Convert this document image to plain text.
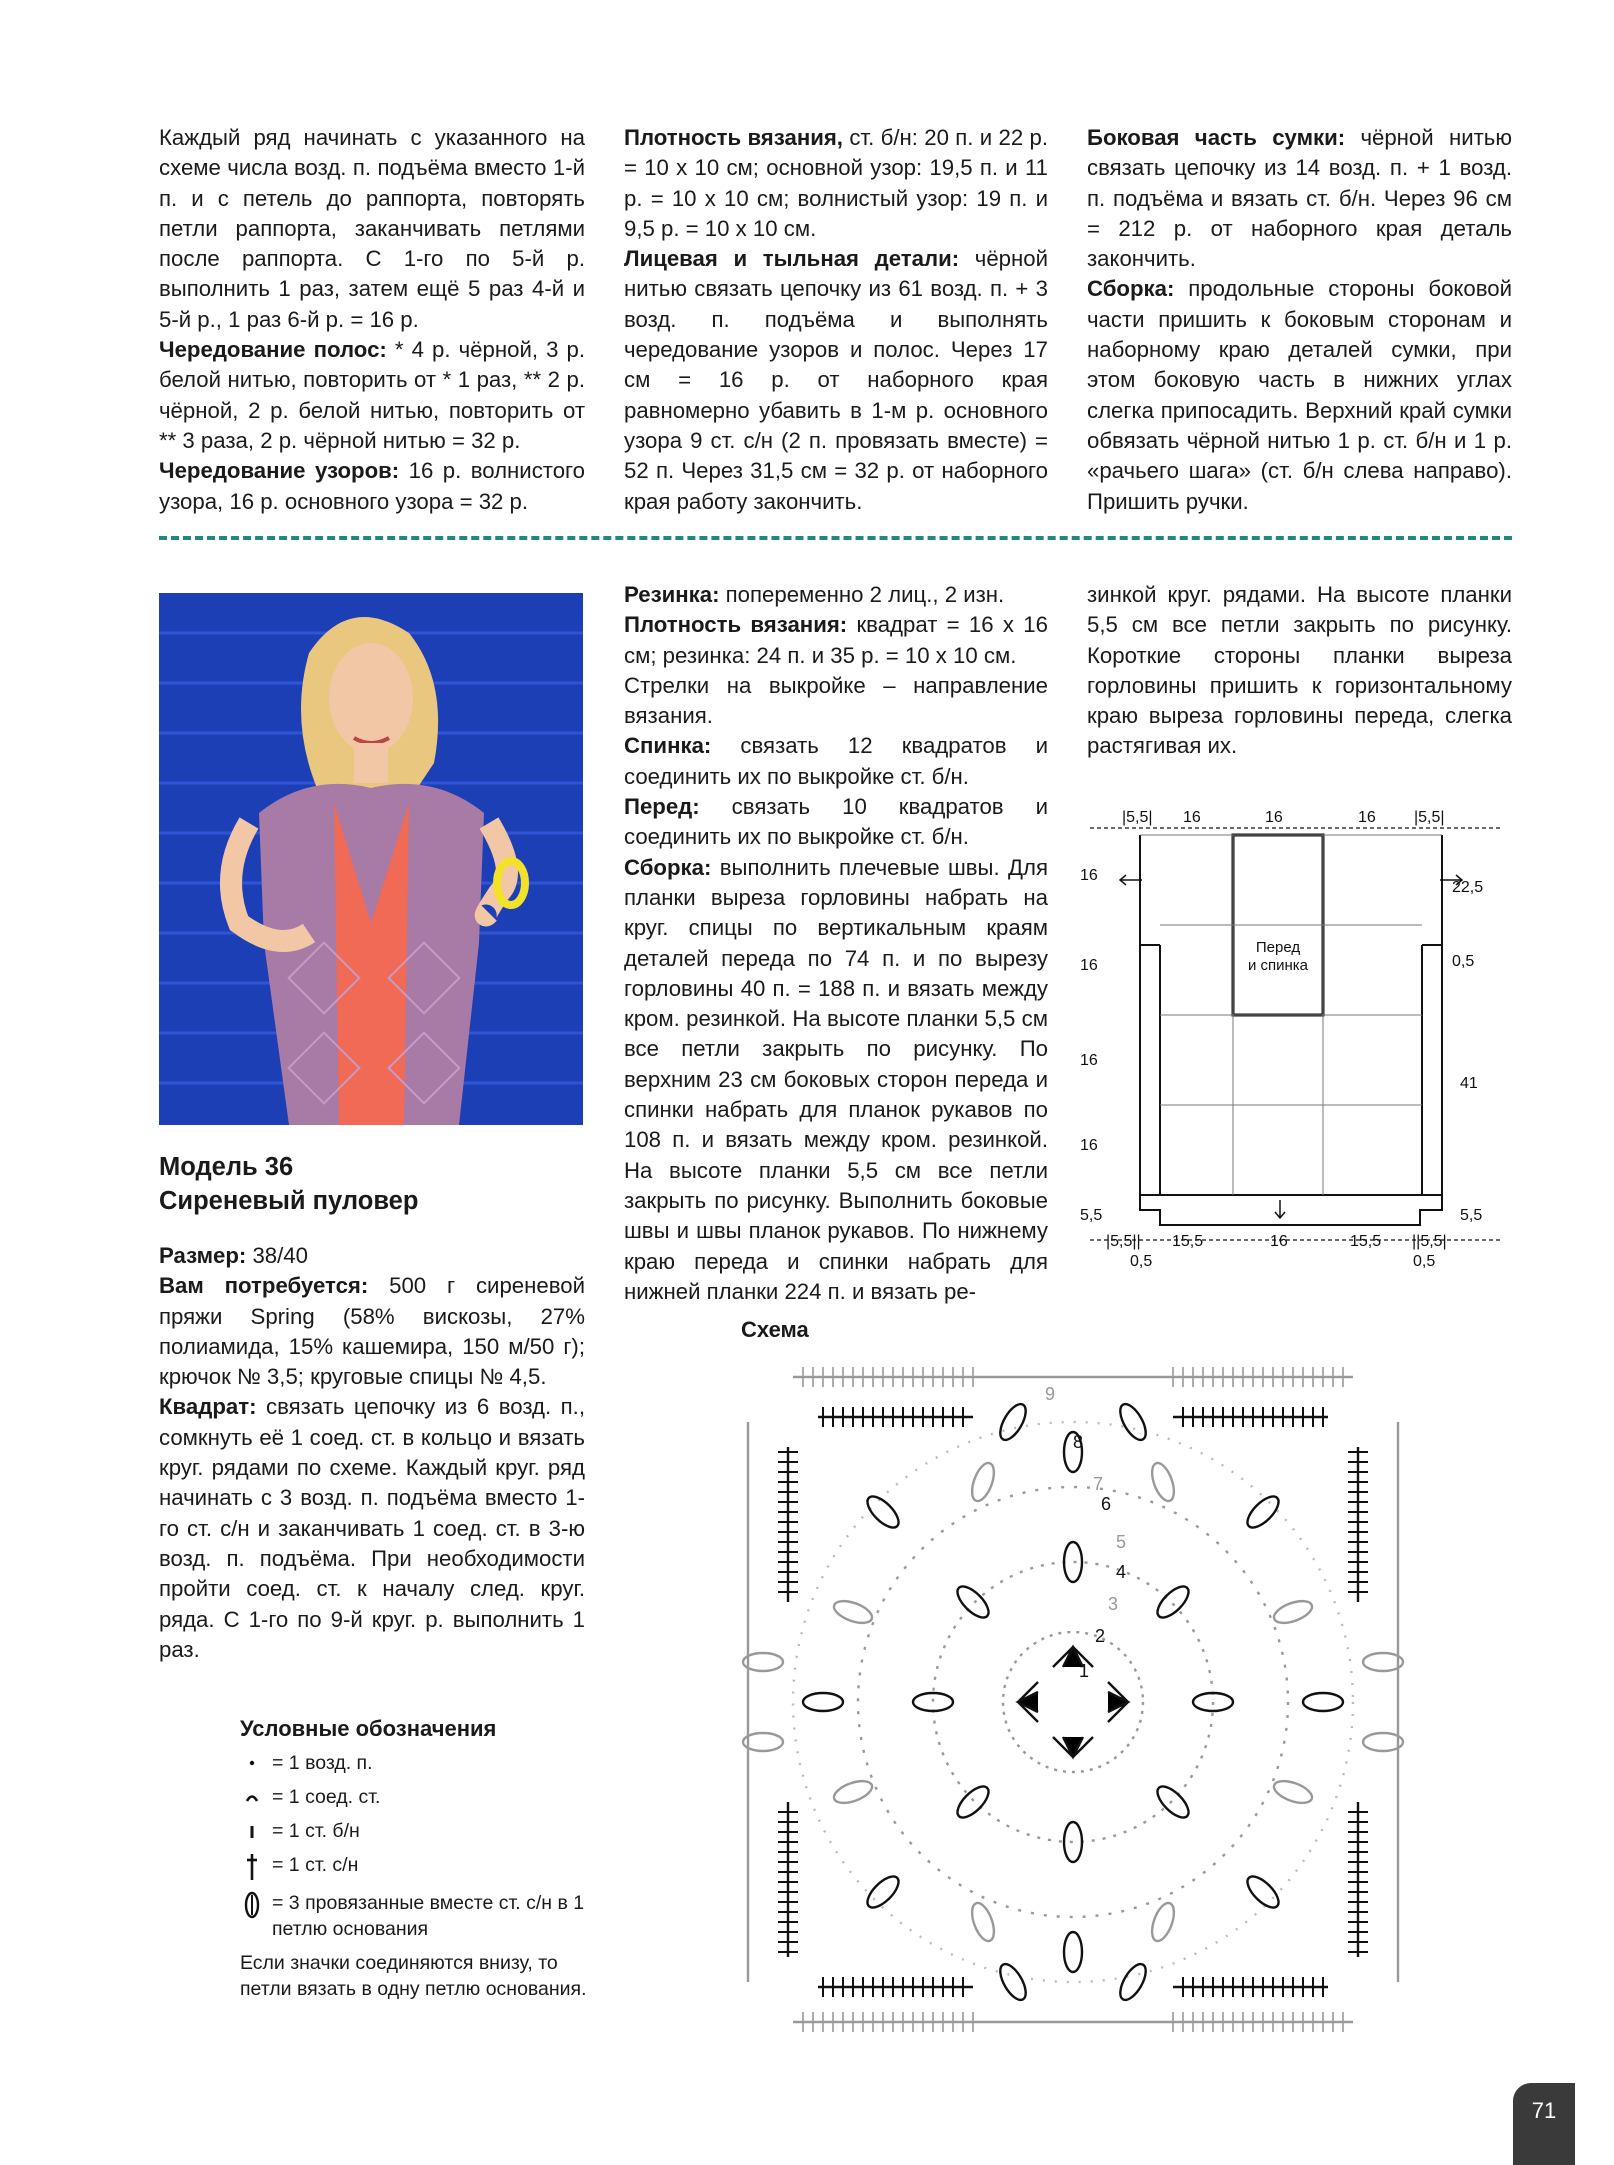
Каждый ряд начинать с указанного на схеме числа возд. п. подъёма вместо 1-й п. и с петель до раппорта, повторять петли раппорта, заканчивать петлями после раппорта. С 1-го по 5-й р. выполнить 1 раз, затем ещё 5 раз 4-й и 5-й р., 1 раз 6-й р. = 16 р.

Чередование полос: * 4 р. чёрной, 3 р. белой нитью, повторить от * 1 раз, ** 2 р. чёрной, 2 р. белой нитью, повторить от ** 3 раза, 2 р. чёрной нитью = 32 р.

Чередование узоров: 16 р. волнистого узора, 16 р. основного узора = 32 р.

Плотность вязания, ст. б/н: 20 п. и 22 р. = 10 х 10 см; основной узор: 19,5 п. и 11 р. = 10 х 10 см; волнистый узор: 19 п. и 9,5 р. = 10 х 10 см.

Лицевая и тыльная детали: чёрной нитью связать цепочку из 61 возд. п. + 3 возд. п. подъёма и выполнять чередование узоров и полос. Через 17 см = 16 р. от наборного края равномерно убавить в 1-м р. основного узора 9 ст. с/н (2 п. провязать вместе) = 52 п. Через 31,5 см = 32 р. от наборного края работу закончить.

Боковая часть сумки: чёрной нитью связать цепочку из 14 возд. п. + 1 возд. п. подъёма и вязать ст. б/н. Через 96 см = 212 р. от наборного края деталь закончить.

Сборка: продольные стороны боковой части пришить к боковым сторонам и наборному краю деталей сумки, при этом боковую часть в нижних углах слегка припосадить. Верхний край сумки обвязать чёрной нитью 1 р. ст. б/н и 1 р. «рачьего шага» (ст. б/н слева направо). Пришить ручки.

Модель 36
Сиреневый пуловер

Размер: 38/40

Вам потребуется: 500 г сиреневой пряжи Spring (58% вискозы, 27% полиамида, 15% кашемира, 150 м/50 г); крючок № 3,5; круговые спицы № 4,5.

Квадрат: связать цепочку из 6 возд. п., сомкнуть её 1 соед. ст. в кольцо и вязать круг. рядами по схеме. Каждый круг. ряд начинать с 3 возд. п. подъёма вместо 1-го ст. с/н и заканчивать 1 соед. ст. в 3-ю возд. п. подъёма. При необходимости пройти соед. ст. к началу след. круг. ряда. С 1-го по 9-й круг. р. выполнить 1 раз.

Условные обозначения
= 1 возд. п.
= 1 соед. ст.
= 1 ст. б/н
= 1 ст. с/н
= 3 провязанные вместе ст. с/н в 1 петлю основания
Если значки соединяются внизу, то петли вязать в одну петлю основания.

Резинка: попеременно 2 лиц., 2 изн.

Плотность вязания: квадрат = 16 х 16 см; резинка: 24 п. и 35 р. = 10 х 10 см.

Стрелки на выкройке – направление вязания.

Спинка: связать 12 квадратов и соединить их по выкройке ст. б/н.

Перед: связать 10 квадратов и соединить их по выкройке ст. б/н.

Сборка: выполнить плечевые швы. Для планки выреза горловины набрать на круг. спицы по вертикальным краям деталей переда по 74 п. и по вырезу горловины 40 п. = 188 п. и вязать между кром. резинкой. На высоте планки 5,5 см все петли закрыть по рисунку. По верхним 23 см боковых сторон переда и спинки набрать для планок рукавов по 108 п. и вязать между кром. резинкой. На высоте планки 5,5 см все петли закрыть по рисунку. Выполнить боковые швы и швы планок рукавов. По нижнему краю переда и спинки набрать для нижней планки 224 п. и вязать ре-

зинкой круг. рядами. На высоте планки 5,5 см все петли закрыть по рисунку. Короткие стороны планки выреза горловины пришить к горизонтальному краю выреза горловины переда, слегка растягивая их.

Перед
и спинка
|5,5| 16	16	16 |5,5|
16
16
16
16
5,5
22,5
0,5
41
5,5
|5,5|| 15,5	16	15,5 ||5,5|
0,5	0,5
Схема
1
2
3
4
5
6
7
8
9
71
